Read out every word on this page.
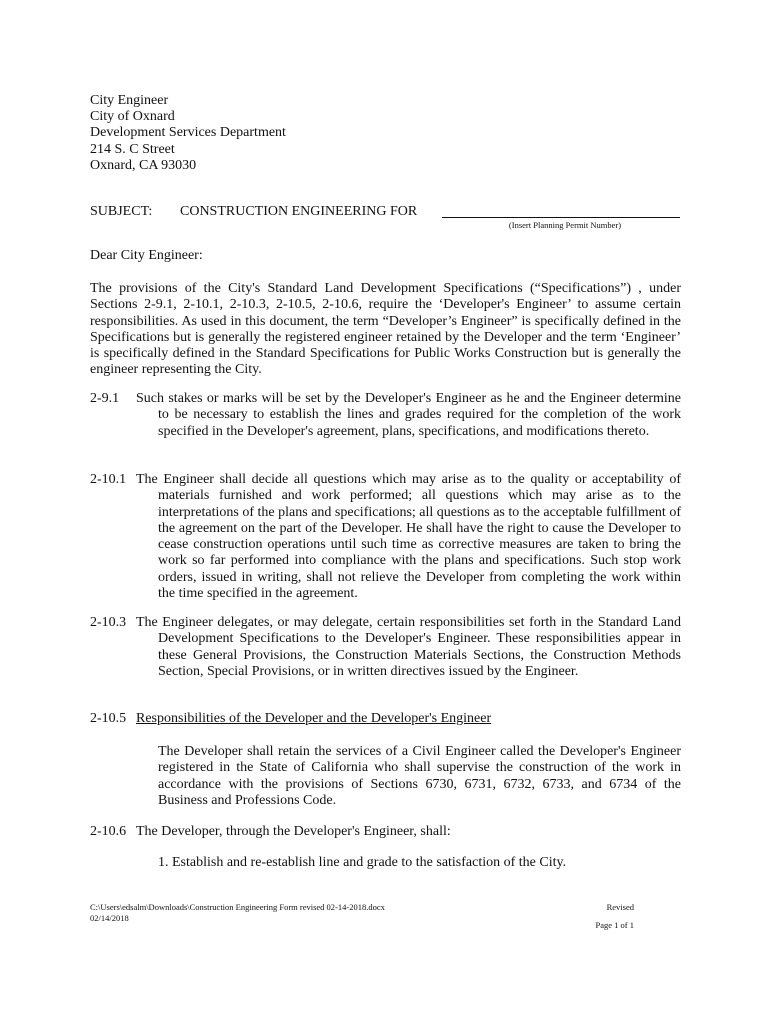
City Engineer
City of Oxnard
Development Services Department
214 S. C Street
Oxnard, CA 93030
SUBJECT: CONSTRUCTION ENGINEERING FOR
(Insert Planning Permit Number)
Dear City Engineer:
The provisions of the City's Standard Land Development Specifications (“Specifications”) , under Sections 2-9.1, 2-10.1, 2-10.3, 2-10.5, 2-10.6, require the ‘Developer's Engineer’ to assume certain responsibilities. As used in this document, the term “Developer’s Engineer” is specifically defined in the Specifications but is generally the registered engineer retained by the Developer and the term ‘Engineer’ is specifically defined in the Standard Specifications for Public Works Construction but is generally the engineer representing the City.
2-9.1 Such stakes or marks will be set by the Developer's Engineer as he and the Engineer determine to be necessary to establish the lines and grades required for the completion of the work specified in the Developer's agreement, plans, specifications, and modifications thereto.
2-10.1 The Engineer shall decide all questions which may arise as to the quality or acceptability of materials furnished and work performed; all questions which may arise as to the interpretations of the plans and specifications; all questions as to the acceptable fulfillment of the agreement on the part of the Developer. He shall have the right to cause the Developer to cease construction operations until such time as corrective measures are taken to bring the work so far performed into compliance with the plans and specifications. Such stop work orders, issued in writing, shall not relieve the Developer from completing the work within the time specified in the agreement.
2-10.3 The Engineer delegates, or may delegate, certain responsibilities set forth in the Standard Land Development Specifications to the Developer's Engineer. These responsibilities appear in these General Provisions, the Construction Materials Sections, the Construction Methods Section, Special Provisions, or in written directives issued by the Engineer.
2-10.5 Responsibilities of the Developer and the Developer's Engineer
The Developer shall retain the services of a Civil Engineer called the Developer's Engineer registered in the State of California who shall supervise the construction of the work in accordance with the provisions of Sections 6730, 6731, 6732, 6733, and 6734 of the Business and Professions Code.
2-10.6 The Developer, through the Developer's Engineer, shall:
1. Establish and re-establish line and grade to the satisfaction of the City.
C:\Users\edsalm\Downloads\Construction Engineering Form revised 02-14-2018.docx
02/14/2018
Revised
Page 1 of 1
